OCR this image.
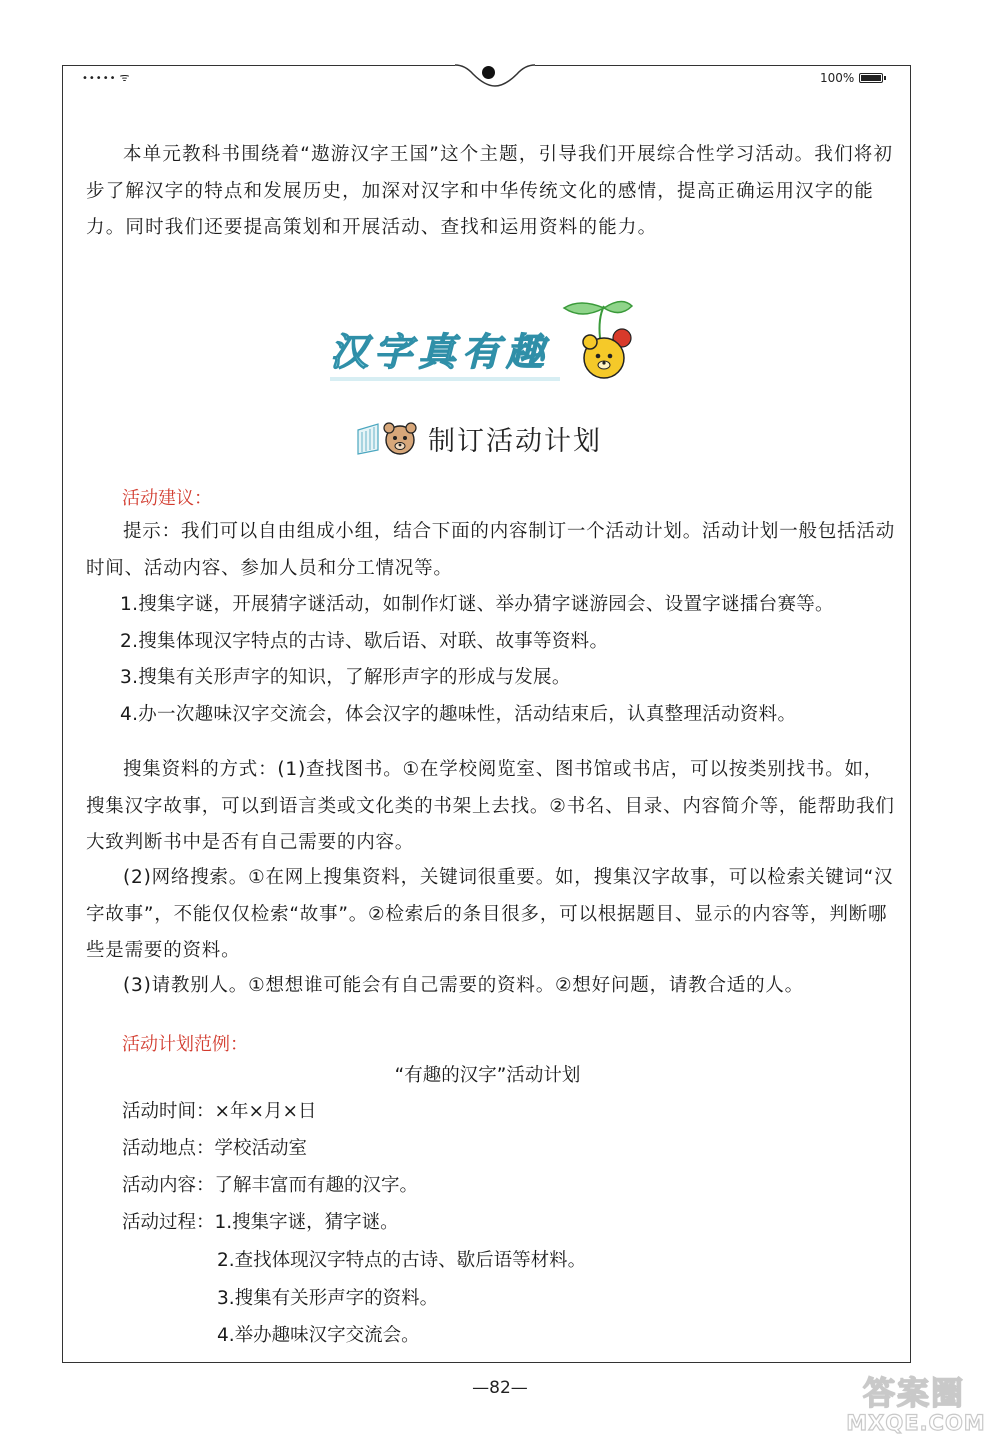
••••• ᯤ	100%

本单元教科书围绕着“遨游汉字王国”这个主题，引导我们开展综合性学习活动。我们将初步了解汉字的特点和发展历史，加深对汉字和中华传统文化的感情，提高正确运用汉字的能力。同时我们还要提高策划和开展活动、查找和运用资料的能力。

汉字真有趣
制订活动计划
活动建议：

提示：我们可以自由组成小组，结合下面的内容制订一个活动计划。活动计划一般包括活动时间、活动内容、参加人员和分工情况等。

1.搜集字谜，开展猜字谜活动，如制作灯谜、举办猜字谜游园会、设置字谜擂台赛等。
2.搜集体现汉字特点的古诗、歇后语、对联、故事等资料。
3.搜集有关形声字的知识，了解形声字的形成与发展。
4.办一次趣味汉字交流会，体会汉字的趣味性，活动结束后，认真整理活动资料。

搜集资料的方式：(1)查找图书。①在学校阅览室、图书馆或书店，可以按类别找书。如，搜集汉字故事，可以到语言类或文化类的书架上去找。②书名、目录、内容简介等，能帮助我们大致判断书中是否有自己需要的内容。

(2)网络搜索。①在网上搜集资料，关键词很重要。如，搜集汉字故事，可以检索关键词“汉字故事”，不能仅仅检索“故事”。②检索后的条目很多，可以根据题目、显示的内容等，判断哪些是需要的资料。

(3)请教别人。①想想谁可能会有自己需要的资料。②想好问题，请教合适的人。

活动计划范例：
“有趣的汉字”活动计划
活动时间：×年×月×日
活动地点：学校活动室
活动内容：了解丰富而有趣的汉字。
活动过程：1.搜集字谜，猜字谜。
2.查找体现汉字特点的古诗、歇后语等材料。
3.搜集有关形声字的资料。
4.举办趣味汉字交流会。
—82—	答案圈
MXQE.COM
